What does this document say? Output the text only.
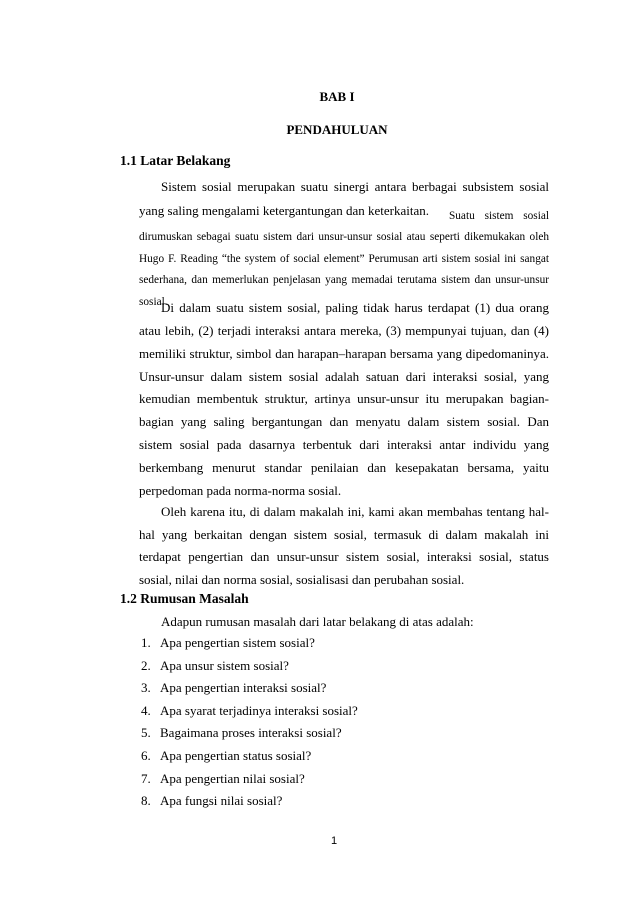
BAB I
PENDAHULUAN
1.1 Latar Belakang
Sistem sosial merupakan suatu sinergi antara berbagai subsistem sosial yang saling mengalami ketergantungan dan keterkaitan.	Suatu sistem sosial dirumuskan sebagai suatu sistem dari unsur-unsur sosial atau seperti dikemukakan oleh Hugo F. Reading “the system of social element” Perumusan arti sistem sosial ini sangat sederhana, dan memerlukan penjelasan yang memadai terutama sistem dan unsur-unsur sosial.
Di dalam suatu sistem sosial, paling tidak harus terdapat (1) dua orang atau lebih, (2) terjadi interaksi antara mereka, (3) mempunyai tujuan, dan (4) memiliki struktur, simbol dan harapan–harapan bersama yang dipedomaninya. Unsur-unsur dalam sistem sosial adalah satuan dari interaksi sosial, yang kemudian membentuk struktur, artinya unsur-unsur itu merupakan bagian-bagian yang saling bergantungan dan menyatu dalam sistem sosial. Dan sistem sosial pada dasarnya terbentuk dari interaksi antar individu yang berkembang menurut standar penilaian dan kesepakatan bersama, yaitu perpedoman pada norma-norma sosial.
Oleh karena itu, di dalam makalah ini, kami akan membahas tentang hal-hal yang berkaitan dengan sistem sosial, termasuk di dalam makalah ini terdapat pengertian dan unsur-unsur sistem sosial, interaksi sosial, status sosial, nilai dan norma sosial, sosialisasi dan perubahan sosial.
1.2 Rumusan Masalah
Adapun rumusan masalah dari latar belakang di atas adalah:
1. Apa pengertian sistem sosial?
2. Apa unsur sistem sosial?
3. Apa pengertian interaksi sosial?
4. Apa syarat terjadinya interaksi sosial?
5. Bagaimana proses interaksi sosial?
6. Apa pengertian status sosial?
7. Apa pengertian nilai sosial?
8. Apa fungsi nilai sosial?
1
